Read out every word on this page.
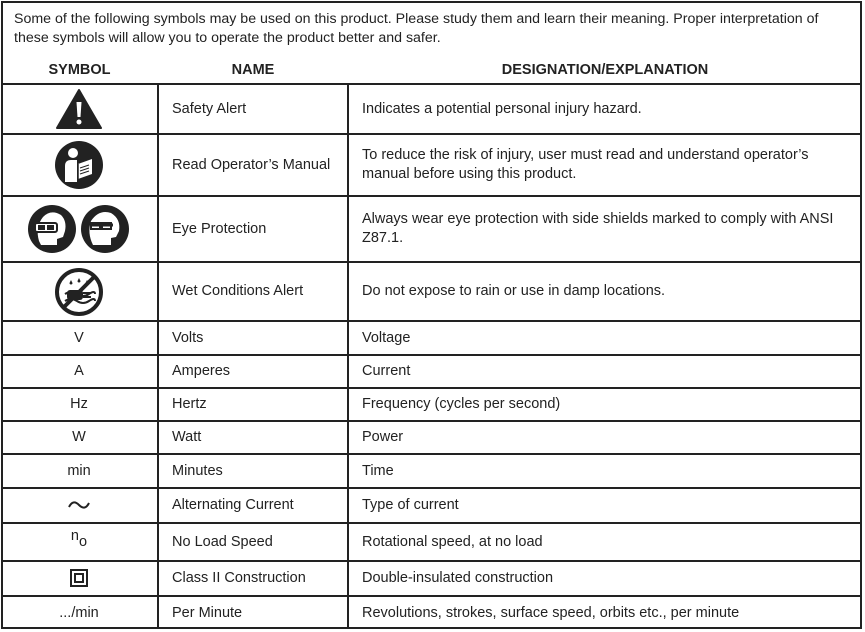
Some of the following symbols may be used on this product. Please study them and learn their meaning. Proper interpretation of these symbols will allow you to operate the product better and safer.
SYMBOL	NAME	DESIGNATION/EXPLANATION
	Safety Alert	Indicates a potential personal injury hazard.
	Read Operator’s Manual	To reduce the risk of injury, user must read and understand operator’s manual before using this product.
	Eye Protection	Always wear eye protection with side shields marked to comply with ANSI Z87.1.
	Wet Conditions Alert	Do not expose to rain or use in damp locations.
V	Volts	Voltage
A	Amperes	Current
Hz	Hertz	Frequency (cycles per second)
W	Watt	Power
min	Minutes	Time
	Alternating Current	Type of current
no	No Load Speed	Rotational speed, at no load
	Class II Construction	Double-insulated construction
.../min	Per Minute	Revolutions, strokes, surface speed, orbits etc., per minute
